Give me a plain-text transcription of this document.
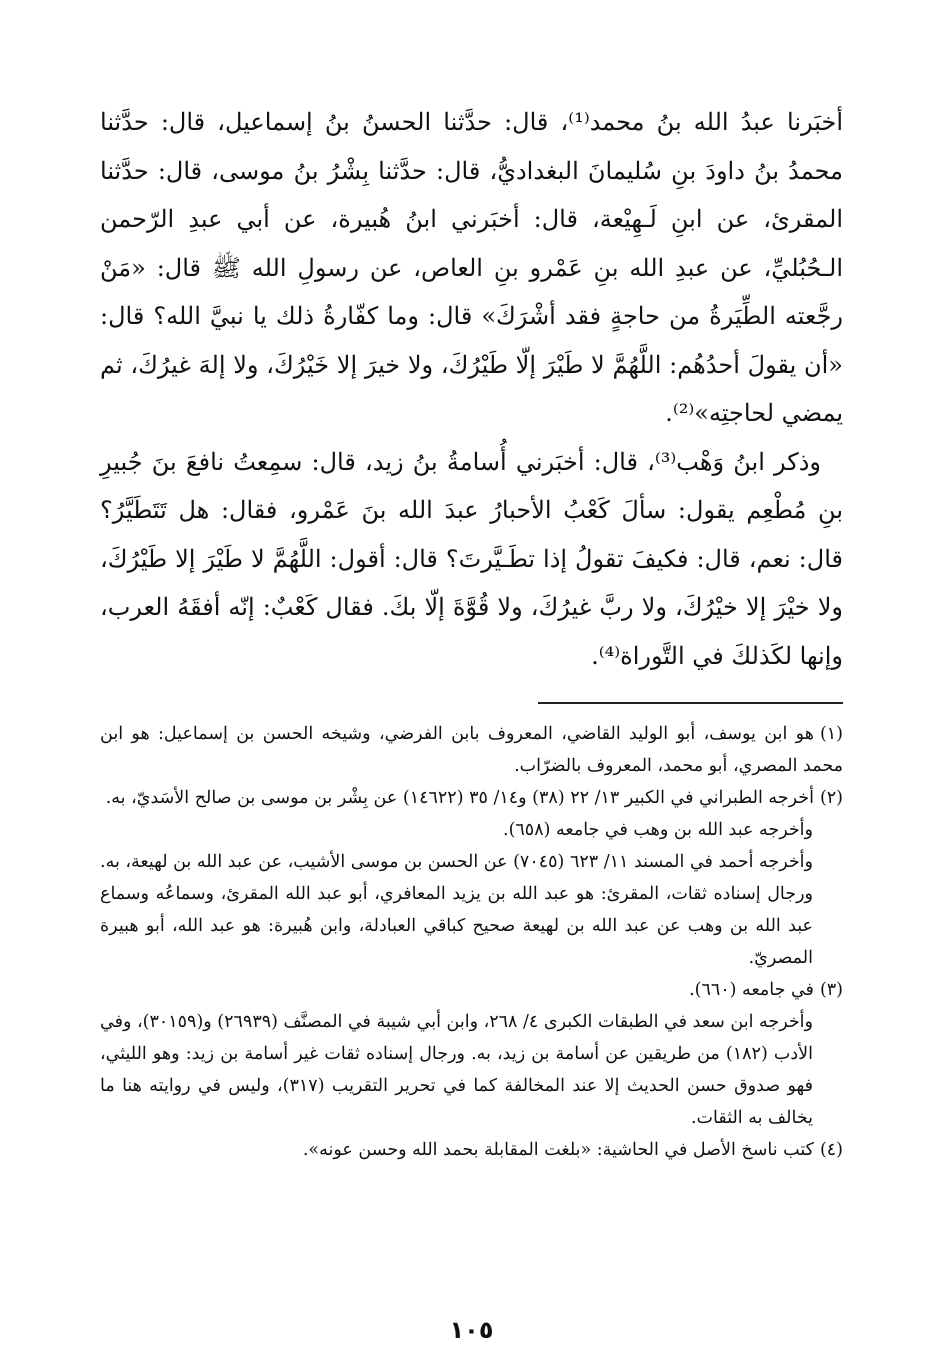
أخبَرنا عبدُ الله بنُ محمد⁽¹⁾، قال: حدَّثنا الحسنُ بنُ إسماعيل، قال: حدَّثنا محمدُ بنُ داودَ بنِ سُليمانَ البغداديُّ، قال: حدَّثنا بِشْرُ بنُ موسى، قال: حدَّثنا المقرئ، عن ابنِ لَـهِيْعة، قال: أخبَرني ابنُ هُبيرة، عن أبي عبدِ الرّحمن الـحُبُليِّ، عن عبدِ الله بنِ عَمْرو بنِ العاص، عن رسولِ الله ﷺ قال: «مَنْ رجَّعته الطِّيَرةُ من حاجةٍ فقد أشْرَكَ» قال: وما كفّارةُ ذلك يا نبيَّ الله؟ قال: «أن يقولَ أحدُهُم: اللَّهُمَّ لا طَيْرَ إلّا طَيْرُكَ، ولا خيرَ إلا خَيْرُكَ، ولا إلهَ غيرُكَ، ثم يمضي لحاجتِه»⁽²⁾.

وذكر ابنُ وَهْب⁽³⁾، قال: أخبَرني أُسامةُ بنُ زيد، قال: سمِعتُ نافعَ بنَ جُبيرِ بنِ مُطْعِم يقول: سألَ كَعْبُ الأحبارُ عبدَ الله بنَ عَمْرو، فقال: هل تَتَطَيَّرُ؟ قال: نعم، قال: فكيفَ تقولُ إذا تطَـيَّرتَ؟ قال: أقول: اللَّهُمَّ لا طَيْرَ إلا طَيْرُكَ، ولا خيْرَ إلا خيْرُكَ، ولا ربَّ غيرُكَ، ولا قُوَّةَ إلّا بكَ. فقال كَعْبٌ: إنّه أفقَهُ العرب، وإنها لكَذلكَ في التَّوراة⁽⁴⁾.

(١)هو ابن يوسف، أبو الوليد القاضي، المعروف بابن الفرضي، وشيخه الحسن بن إسماعيل: هو ابن محمد المصري، أبو محمد، المعروف بالضرّاب.

(٢)أخرجه الطبراني في الكبير ١٣/ ٢٢ (٣٨) و١٤/ ٣٥ (١٤٦٢٢) عن بِشْر بن موسى بن صالح الأسَديّ، به.

وأخرجه عبد الله بن وهب في جامعه (٦٥٨).

وأخرجه أحمد في المسند ١١/ ٦٢٣ (٧٠٤٥) عن الحسن بن موسى الأشيب، عن عبد الله بن لهيعة، به. ورجال إسناده ثقات، المقرئ: هو عبد الله بن يزيد المعافري، أبو عبد الله المقرئ، وسماعُه وسماع عبد الله بن وهب عن عبد الله بن لهيعة صحيح كباقي العبادلة، وابن هُبيرة: هو عبد الله، أبو هبيرة المصريّ.

(٣)في جامعه (٦٦٠).

وأخرجه ابن سعد في الطبقات الكبرى ٤/ ٢٦٨، وابن أبي شيبة في المصنَّف (٢٦٩٣٩) و(٣٠١٥٩)، وفي الأدب (١٨٢) من طريقين عن أسامة بن زيد، به. ورجال إسناده ثقات غير أسامة بن زيد: وهو الليثي، فهو صدوق حسن الحديث إلا عند المخالفة كما في تحرير التقريب (٣١٧)، وليس في روايته هنا ما يخالف به الثقات.

(٤)كتب ناسخ الأصل في الحاشية: «بلغت المقابلة بحمد الله وحسن عونه».

١٠٥
